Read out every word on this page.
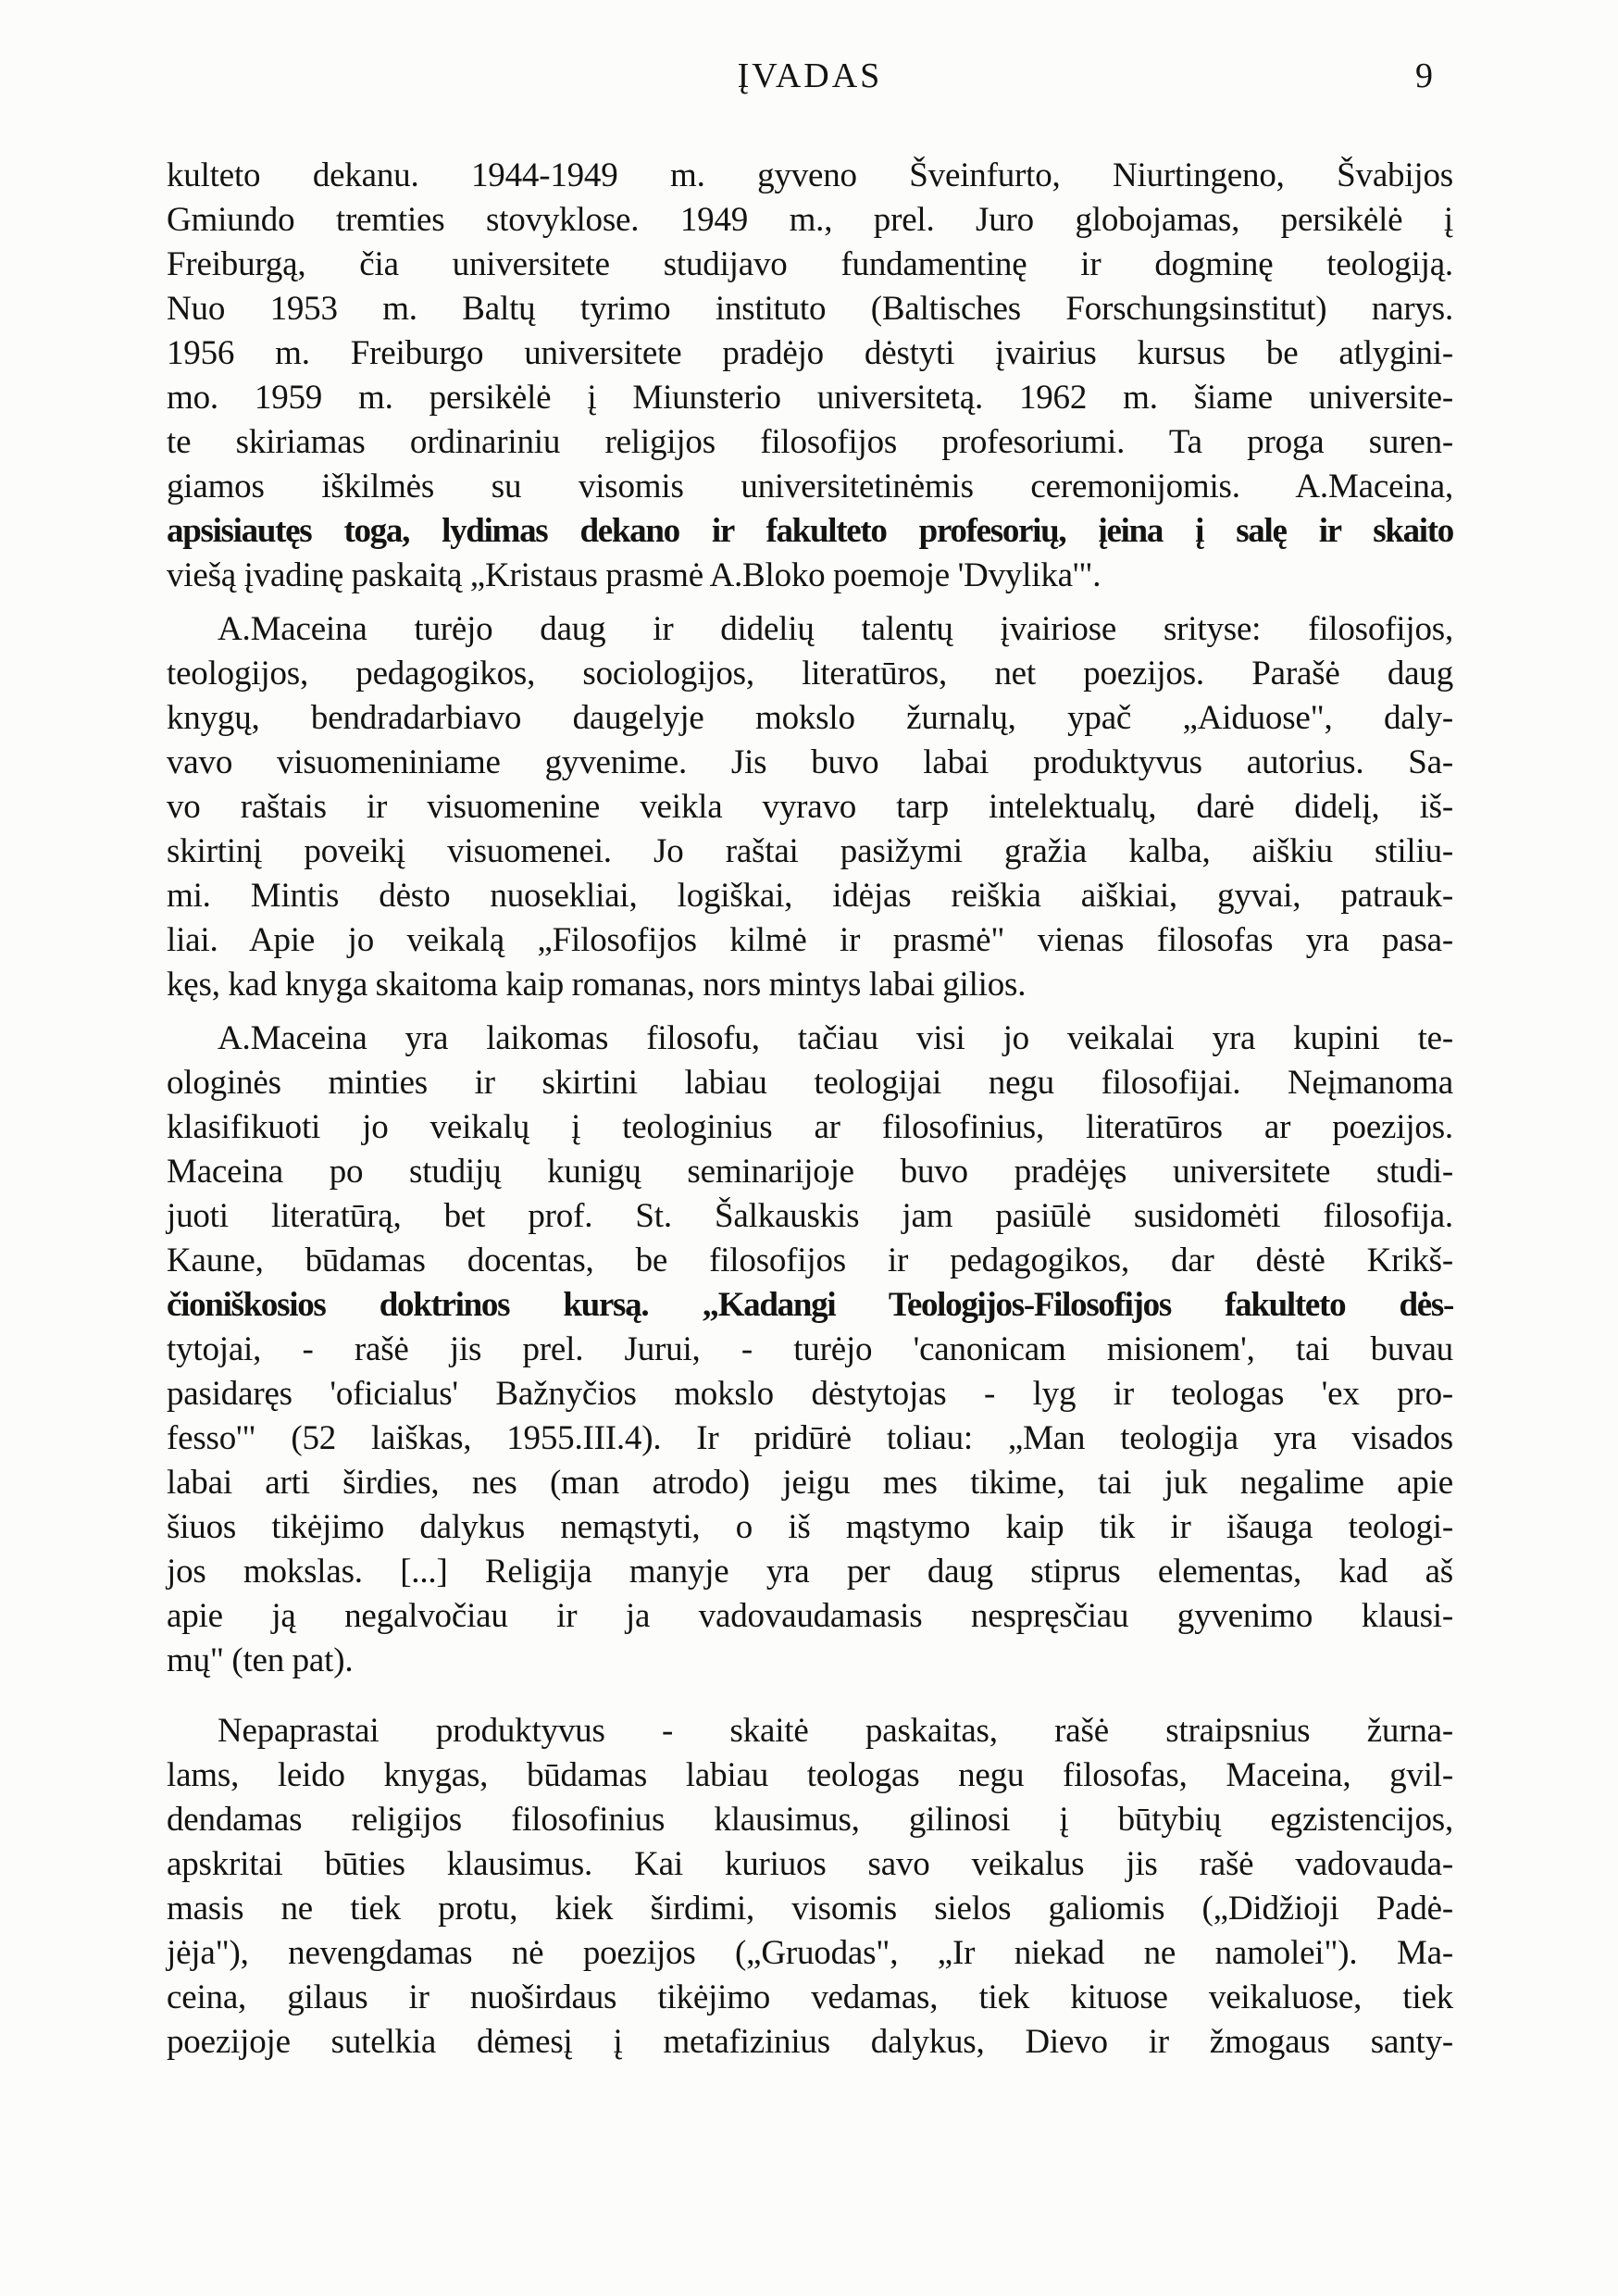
ĮVADAS	9
kulteto dekanu. 1944-1949 m. gyveno Šveinfurto, Niurtingeno, Švabijos
Gmiundo tremties stovyklose. 1949 m., prel. Juro globojamas, persikėlė į
Freiburgą, čia universitete studijavo fundamentinę ir dogminę teologiją.
Nuo 1953 m. Baltų tyrimo instituto (Baltisches Forschungsinstitut) narys.
1956 m. Freiburgo universitete pradėjo dėstyti įvairius kursus be atlygini-
mo. 1959 m. persikėlė į Miunsterio universitetą. 1962 m. šiame universite-
te skiriamas ordinariniu religijos filosofijos profesoriumi. Ta proga suren-
giamos iškilmės su visomis universitetinėmis ceremonijomis. A.Maceina,
apsisiautęs toga, lydimas dekano ir fakulteto profesorių, įeina į salę ir skaito
viešą įvadinę paskaitą „Kristaus prasmė A.Bloko poemoje 'Dvylika'".
A.Maceina turėjo daug ir didelių talentų įvairiose srityse: filosofijos,
teologijos, pedagogikos, sociologijos, literatūros, net poezijos. Parašė daug
knygų, bendradarbiavo daugelyje mokslo žurnalų, ypač „Aiduose", daly-
vavo visuomeniniame gyvenime. Jis buvo labai produktyvus autorius. Sa-
vo raštais ir visuomenine veikla vyravo tarp intelektualų, darė didelį, iš-
skirtinį poveikį visuomenei. Jo raštai pasižymi gražia kalba, aiškiu stiliu-
mi. Mintis dėsto nuosekliai, logiškai, idėjas reiškia aiškiai, gyvai, patrauk-
liai. Apie jo veikalą „Filosofijos kilmė ir prasmė" vienas filosofas yra pasa-
kęs, kad knyga skaitoma kaip romanas, nors mintys labai gilios.
A.Maceina yra laikomas filosofu, tačiau visi jo veikalai yra kupini te-
ologinės minties ir skirtini labiau teologijai negu filosofijai. Neįmanoma
klasifikuoti jo veikalų į teologinius ar filosofinius, literatūros ar poezijos.
Maceina po studijų kunigų seminarijoje buvo pradėjęs universitete studi-
juoti literatūrą, bet prof. St. Šalkauskis jam pasiūlė susidomėti filosofija.
Kaune, būdamas docentas, be filosofijos ir pedagogikos, dar dėstė Krikš-
čioniškosios doktrinos kursą. „Kadangi Teologijos-Filosofijos fakulteto dės-
tytojai, - rašė jis prel. Jurui, - turėjo 'canonicam misionem', tai buvau
pasidaręs 'oficialus' Bažnyčios mokslo dėstytojas - lyg ir teologas 'ex pro-
fesso'" (52 laiškas, 1955.III.4). Ir pridūrė toliau: „Man teologija yra visados
labai arti širdies, nes (man atrodo) jeigu mes tikime, tai juk negalime apie
šiuos tikėjimo dalykus nemąstyti, o iš mąstymo kaip tik ir išauga teologi-
jos mokslas. [...] Religija manyje yra per daug stiprus elementas, kad aš
apie ją negalvočiau ir ja vadovaudamasis nespręsčiau gyvenimo klausi-
mų" (ten pat).
Nepaprastai produktyvus - skaitė paskaitas, rašė straipsnius žurna-
lams, leido knygas, būdamas labiau teologas negu filosofas, Maceina, gvil-
dendamas religijos filosofinius klausimus, gilinosi į būtybių egzistencijos,
apskritai būties klausimus. Kai kuriuos savo veikalus jis rašė vadovauda-
masis ne tiek protu, kiek širdimi, visomis sielos galiomis („Didžioji Padė-
jėja"), nevengdamas nė poezijos („Gruodas", „Ir niekad ne namolei"). Ma-
ceina, gilaus ir nuoširdaus tikėjimo vedamas, tiek kituose veikaluose, tiek
poezijoje sutelkia dėmesį į metafizinius dalykus, Dievo ir žmogaus santy-
